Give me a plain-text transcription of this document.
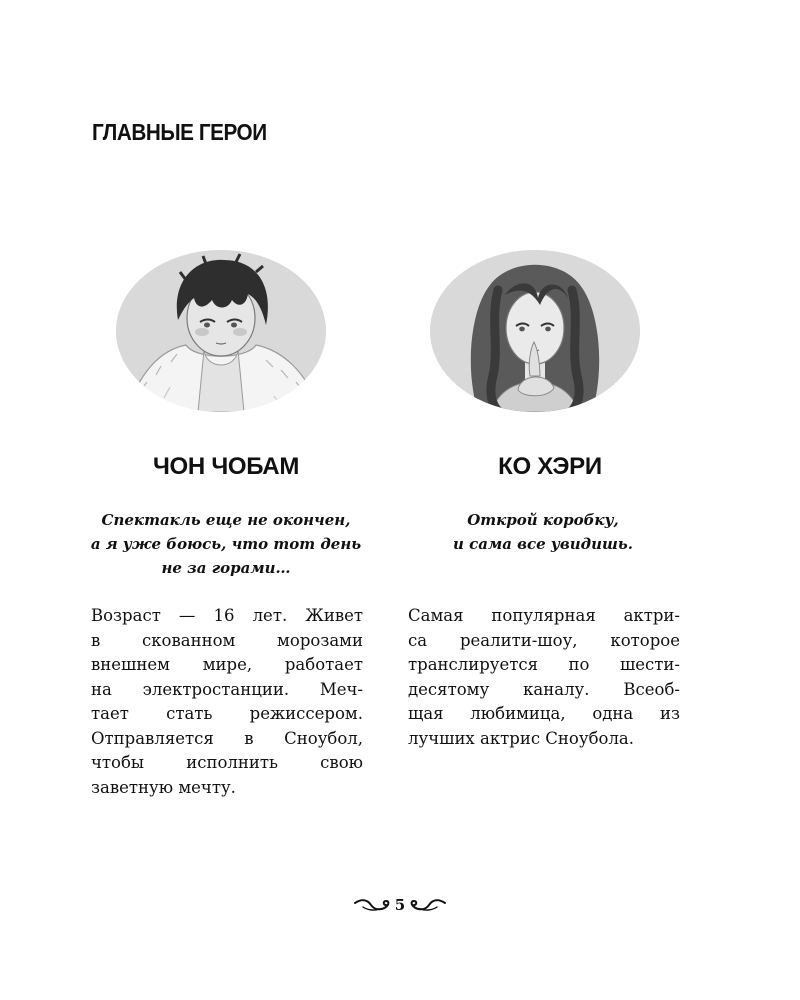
ГЛАВНЫЕ ГЕРОИ
ЧОН ЧОБАМ

Спектакль еще не окончен,
а я уже боюсь, что тот день
не за горами…

Возраст — 16 лет. Живет
в скованном морозами
внешнем мире, работает
на электростанции. Меч-
тает стать режиссером.
Отправляется в Сноубол,
чтобы исполнить свою
заветную мечту.

КО ХЭРИ

Открой коробку,
и сама все увидишь.

Самая популярная актри-
са реалити-шоу, которое
транслируется по шести-
десятому каналу. Всеоб-
щая любимица, одна из
лучших актрис Сноубола.

5
